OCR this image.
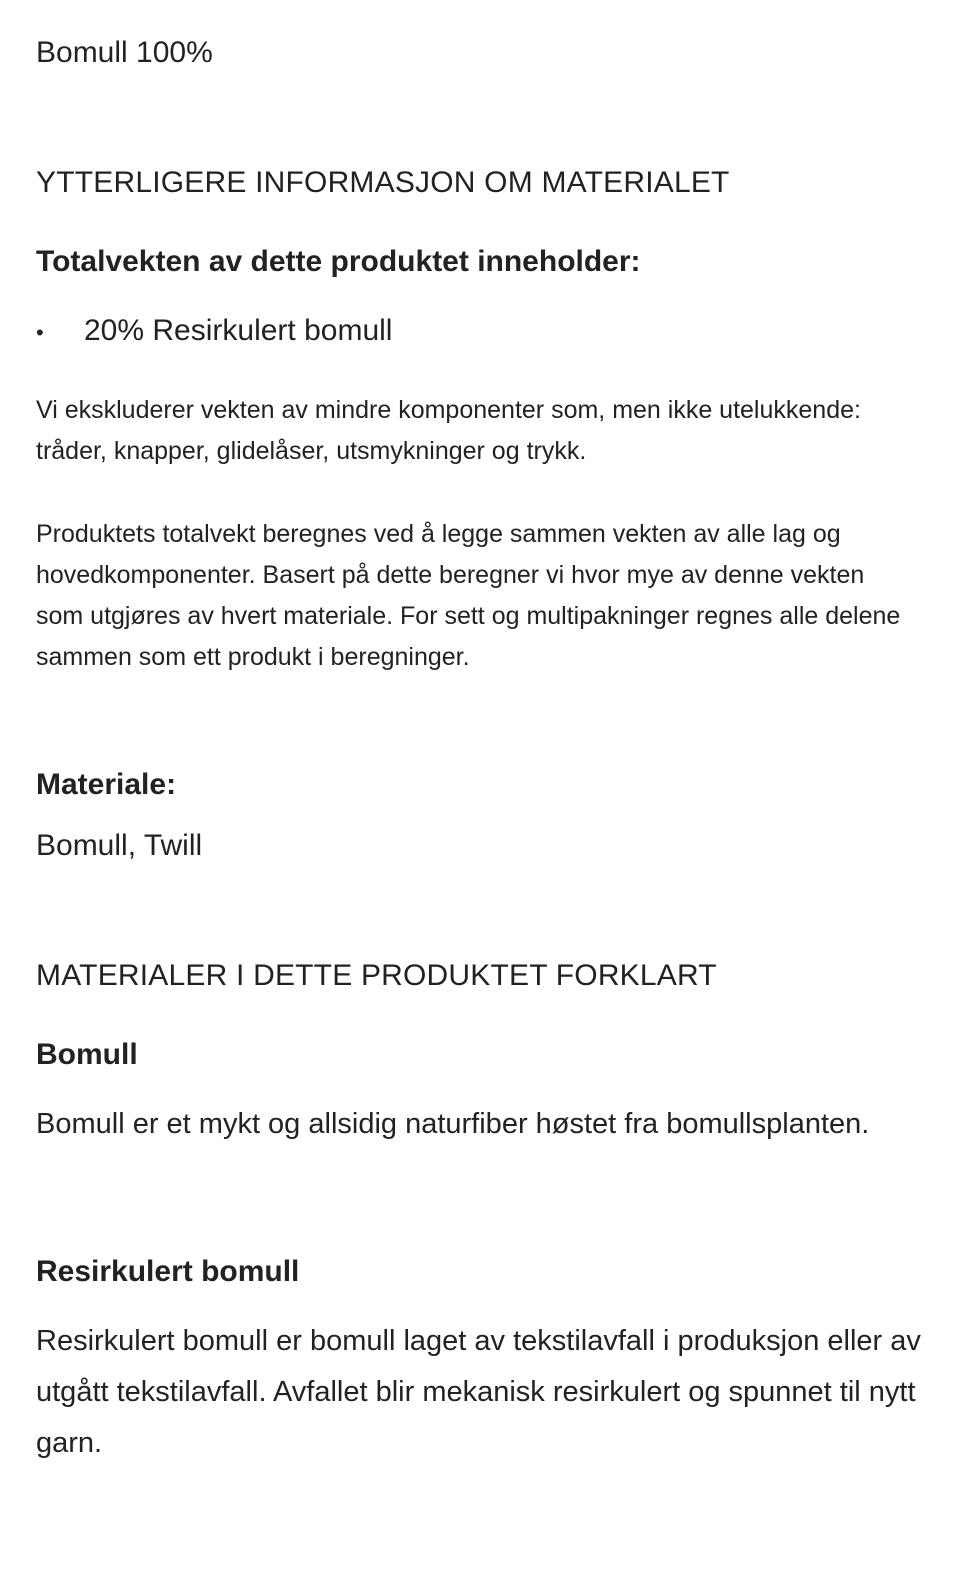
Bomull 100%

YTTERLIGERE INFORMASJON OM MATERIALET
Totalvekten av dette produktet inneholder:
• 20% Resirkulert bomull

Vi ekskluderer vekten av mindre komponenter som, men ikke utelukkende: tråder, knapper, glidelåser, utsmykninger og trykk.

Produktets totalvekt beregnes ved å legge sammen vekten av alle lag og hovedkomponenter. Basert på dette beregner vi hvor mye av denne vekten som utgjøres av hvert materiale. For sett og multipakninger regnes alle delene sammen som ett produkt i beregninger.

Materiale:

Bomull, Twill

MATERIALER I DETTE PRODUKTET FORKLART
Bomull

Bomull er et mykt og allsidig naturfiber høstet fra bomullsplanten.

Resirkulert bomull

Resirkulert bomull er bomull laget av tekstilavfall i produksjon eller av utgått tekstilavfall. Avfallet blir mekanisk resirkulert og spunnet til nytt garn.
